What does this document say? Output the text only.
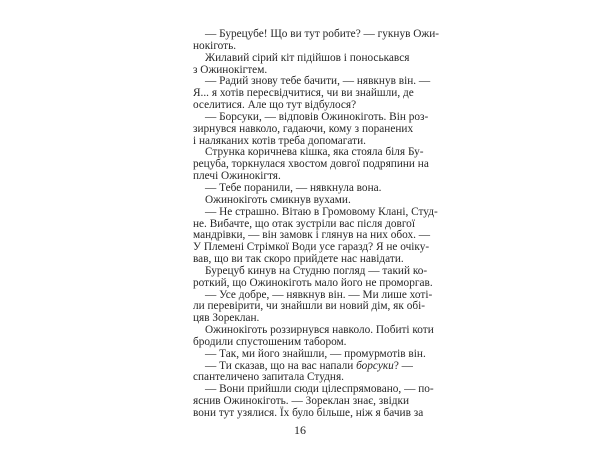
— Бурецубе! Що ви тут робите? — гукнув Ожи-
нокіготь.
Жилавий сірий кіт підійшов і поноськався
з Ожинокігтем.
— Радий знову тебе бачити, — нявкнув він. —
Я... я хотів пересвідчитися, чи ви знайшли, де
оселитися. Але що тут відбулося?
— Борсуки, — відповів Ожинокіготь. Він роз-
зирнувся навколо, гадаючи, кому з поранених
і наляканих котів треба допомагати.
Струнка коричнева кішка, яка стояла біля Бу-
рецуба, торкнулася хвостом довгої подряпини на
плечі Ожинокігтя.
— Тебе поранили, — нявкнула вона.
Ожинокіготь смикнув вухами.
— Не страшно. Вітаю в Громовому Клані, Студ-
не. Вибачте, що отак зустріли вас після довгої
мандрівки, — він замовк і глянув на них обох. —
У Племені Стрімкої Води усе гаразд? Я не очіку-
вав, що ви так скоро прийдете нас навідати.
Бурецуб кинув на Студню погляд — такий ко-
роткий, що Ожинокіготь мало його не проморгав.
— Усе добре, — нявкнув він. — Ми лише хоті-
ли перевірити, чи знайшли ви новий дім, як обі-
цяв Зореклан.
Ожинокіготь роззирнувся навколо. Побиті коти
бродили спустошеним табором.
— Так, ми його знайшли, — промурмотів він.
— Ти сказав, що на вас напали борсуки? —
спантеличено запитала Студня.
— Вони прийшли сюди цілеспрямовано, — по-
яснив Ожинокіготь. — Зореклан знає, звідки
вони тут узялися. Їх було більше, ніж я бачив за
16
